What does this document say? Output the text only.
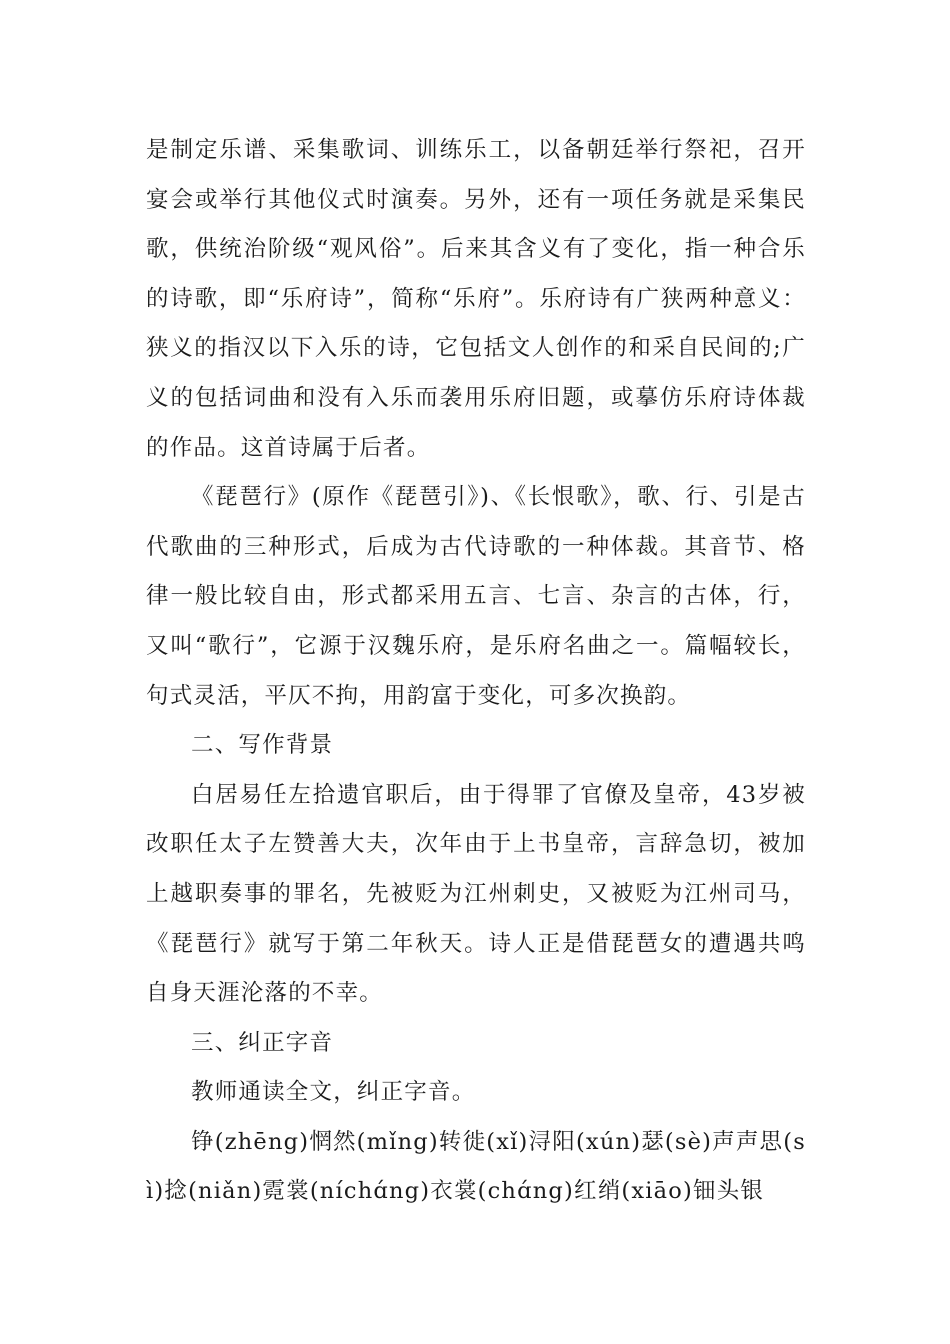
是制定乐谱、采集歌词、训练乐工，以备朝廷举行祭祀，召开宴会或举行其他仪式时演奏。另外，还有一项任务就是采集民歌，供统治阶级“观风俗”。后来其含义有了变化，指一种合乐的诗歌，即“乐府诗”，简称“乐府”。乐府诗有广狭两种意义：狭义的指汉以下入乐的诗，它包括文人创作的和采自民间的;广义的包括词曲和没有入乐而袭用乐府旧题，或摹仿乐府诗体裁的作品。这首诗属于后者。

《琵琶行》(原作《琵琶引》)、《长恨歌》，歌、行、引是古代歌曲的三种形式，后成为古代诗歌的一种体裁。其音节、格律一般比较自由，形式都采用五言、七言、杂言的古体，行，又叫“歌行”，它源于汉魏乐府，是乐府名曲之一。篇幅较长，句式灵活，平仄不拘，用韵富于变化，可多次换韵。

二、写作背景

白居易任左拾遗官职后，由于得罪了官僚及皇帝，43岁被改职任太子左赞善大夫，次年由于上书皇帝，言辞急切，被加上越职奏事的罪名，先被贬为江州刺史，又被贬为江州司马，《琵琶行》就写于第二年秋天。诗人正是借琵琶女的遭遇共鸣自身天涯沦落的不幸。

三、纠正字音

教师通读全文，纠正字音。

铮(zhēng)惘然(mǐng)转徙(xǐ)浔阳(xún)瑟(sè)声声思(sì)捻(niǎn)霓裳(níchɑ́ng)衣裳(chɑ́ng)红绡(xiāo)钿头银
